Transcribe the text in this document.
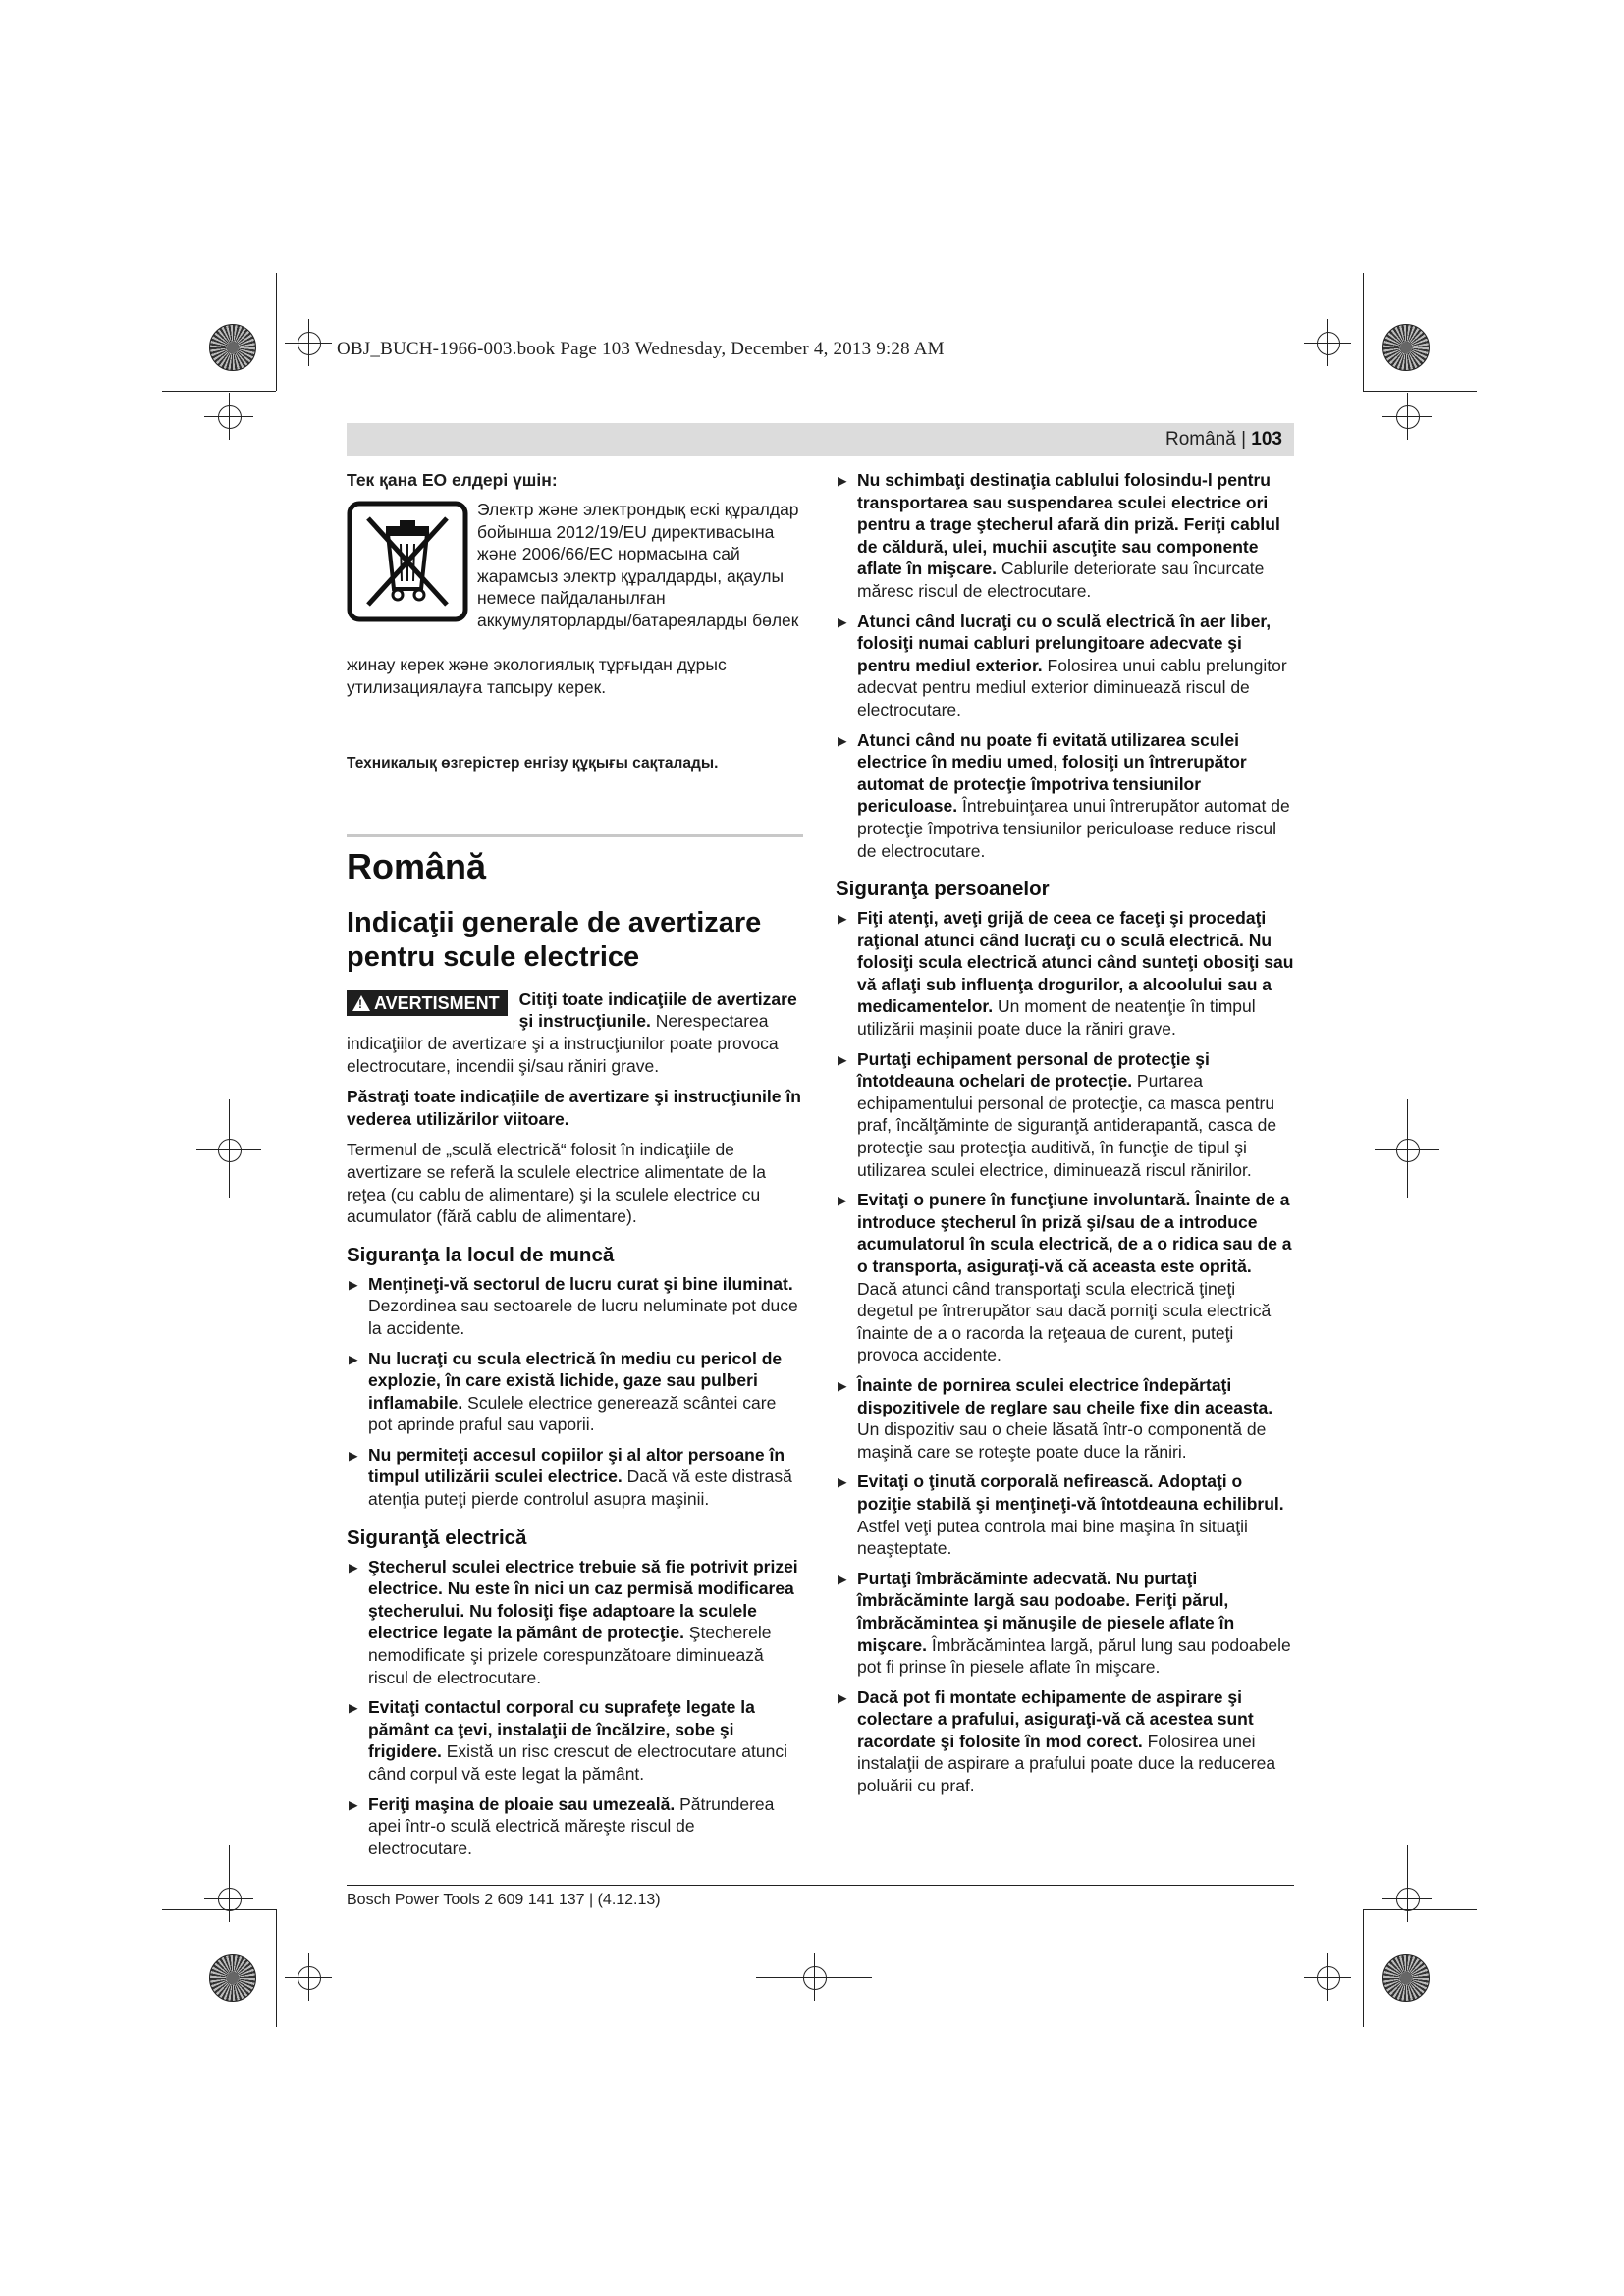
OBJ_BUCH-1966-003.book Page 103 Wednesday, December 4, 2013 9:28 AM
Română | 103
Тек қана ЕО елдері үшін:
Электр және электрондық ескі құралдар бойынша 2012/19/EU директивасына және 2006/66/ЕС нормасына сай жарамсыз электр құралдарды, ақаулы немесе пайдаланылған аккумуляторларды/батареяларды бөлек

жинау керек және экологиялық тұрғыдан дұрыс утилизациялауға тапсыру керек.

Техникалық өзгерістер енгізу құқығы сақталады.

Română
Indicaţii generale de avertizare pentru scule electrice
!AVERTISMENT	Citiţi toate indicaţiile de avertizare şi instrucţiunile. Nerespectarea indicaţiilor de avertizare şi a instrucţiunilor poate provoca electrocutare, incendii şi/sau răniri grave.

Păstraţi toate indicaţiile de avertizare şi instrucţiunile în vederea utilizărilor viitoare.

Termenul de „sculă electrică“ folosit în indicaţiile de avertizare se referă la sculele electrice alimentate de la reţea (cu cablu de alimentare) şi la sculele electrice cu acumulator (fără cablu de alimentare).

Siguranţa la locul de muncă
▶ Menţineţi-vă sectorul de lucru curat şi bine iluminat. Dezordinea sau sectoarele de lucru neluminate pot duce la accidente.
▶ Nu lucraţi cu scula electrică în mediu cu pericol de explozie, în care există lichide, gaze sau pulberi inflamabile. Sculele electrice generează scântei care pot aprinde praful sau vaporii.
▶ Nu permiteţi accesul copiilor şi al altor persoane în timpul utilizării sculei electrice. Dacă vă este distrasă atenţia puteţi pierde controlul asupra maşinii.
Siguranţă electrică
▶ Ştecherul sculei electrice trebuie să fie potrivit prizei electrice. Nu este în nici un caz permisă modificarea ştecherului. Nu folosiţi fişe adaptoare la sculele electrice legate la pământ de protecţie. Ştecherele nemodificate şi prizele corespunzătoare diminuează riscul de electrocutare.
▶ Evitaţi contactul corporal cu suprafeţe legate la pământ ca ţevi, instalaţii de încălzire, sobe şi frigidere. Există un risc crescut de electrocutare atunci când corpul vă este legat la pământ.
▶ Feriţi maşina de ploaie sau umezeală. Pătrunderea apei într-o sculă electrică măreşte riscul de electrocutare.
▶ Nu schimbaţi destinaţia cablului folosindu-l pentru transportarea sau suspendarea sculei electrice ori pentru a trage ştecherul afară din priză. Feriţi cablul de căldură, ulei, muchii ascuţite sau componente aflate în mişcare. Cablurile deteriorate sau încurcate măresc riscul de electrocutare.
▶ Atunci când lucraţi cu o sculă electrică în aer liber, folosiţi numai cabluri prelungitoare adecvate şi pentru mediul exterior. Folosirea unui cablu prelungitor adecvat pentru mediul exterior diminuează riscul de electrocutare.
▶ Atunci când nu poate fi evitată utilizarea sculei electrice în mediu umed, folosiţi un întrerupător automat de protecţie împotriva tensiunilor periculoase. Întrebuinţarea unui întrerupător automat de protecţie împotriva tensiunilor periculoase reduce riscul de electrocutare.
Siguranţa persoanelor
▶ Fiţi atenţi, aveţi grijă de ceea ce faceţi şi procedaţi raţional atunci când lucraţi cu o sculă electrică. Nu folosiţi scula electrică atunci când sunteţi obosiţi sau vă aflaţi sub influenţa drogurilor, a alcoolului sau a medicamentelor. Un moment de neatenţie în timpul utilizării maşinii poate duce la răniri grave.
▶ Purtaţi echipament personal de protecţie şi întotdeauna ochelari de protecţie. Purtarea echipamentului personal de protecţie, ca masca pentru praf, încălţăminte de siguranţă antiderapantă, casca de protecţie sau protecţia auditivă, în funcţie de tipul şi utilizarea sculei electrice, diminuează riscul rănirilor.
▶ Evitaţi o punere în funcţiune involuntară. Înainte de a introduce ştecherul în priză şi/sau de a introduce acumulatorul în scula electrică, de a o ridica sau de a o transporta, asiguraţi-vă că aceasta este oprită. Dacă atunci când transportaţi scula electrică ţineţi degetul pe întrerupător sau dacă porniţi scula electrică înainte de a o racorda la reţeaua de curent, puteţi provoca accidente.
▶ Înainte de pornirea sculei electrice îndepărtaţi dispozitivele de reglare sau cheile fixe din aceasta. Un dispozitiv sau o cheie lăsată într-o componentă de maşină care se roteşte poate duce la răniri.
▶ Evitaţi o ţinută corporală nefirească. Adoptaţi o poziţie stabilă şi menţineţi-vă întotdeauna echilibrul. Astfel veţi putea controla mai bine maşina în situaţii neaşteptate.
▶ Purtaţi îmbrăcăminte adecvată. Nu purtaţi îmbrăcăminte largă sau podoabe. Feriţi părul, îmbrăcămintea şi mănuşile de piesele aflate în mişcare. Îmbrăcămintea largă, părul lung sau podoabele pot fi prinse în piesele aflate în mişcare.
▶ Dacă pot fi montate echipamente de aspirare şi colectare a prafului, asiguraţi-vă că acestea sunt racordate şi folosite în mod corect. Folosirea unei instalaţii de aspirare a prafului poate duce la reducerea poluării cu praf.
Bosch Power Tools 2 609 141 137 | (4.12.13)
